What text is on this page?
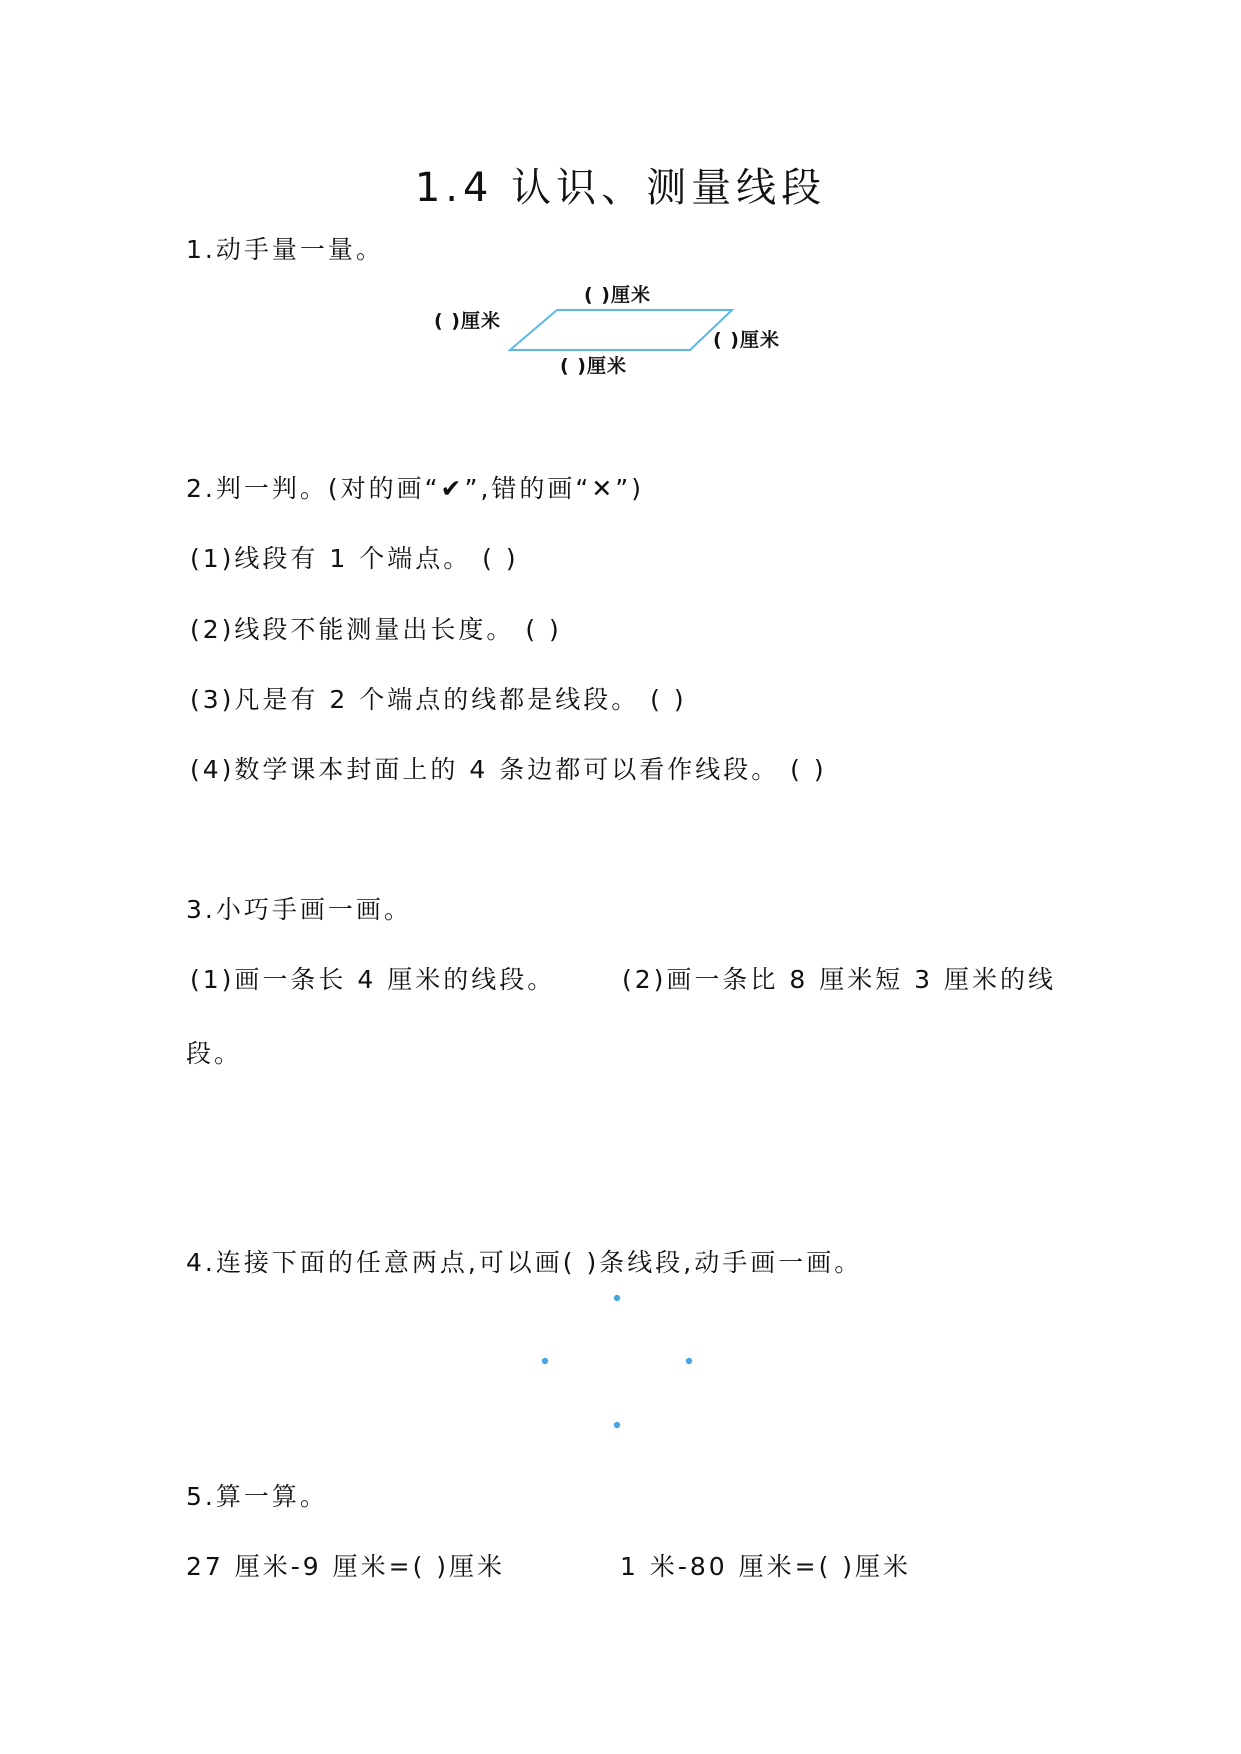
1.4 认识、测量线段
1.动手量一量。
( )厘米
( )厘米
( )厘米
( )厘米
2.判一判。(对的画“✔”,错的画“✕”)
(1)线段有 1 个端点。 ( )
(2)线段不能测量出长度。 ( )
(3)凡是有 2 个端点的线都是线段。 ( )
(4)数学课本封面上的 4 条边都可以看作线段。 ( )
3.小巧手画一画。
(1)画一条长 4 厘米的线段。	(2)画一条比 8 厘米短 3 厘米的线
段。
4.连接下面的任意两点,可以画( )条线段,动手画一画。
5.算一算。
27 厘米-9 厘米=( )厘米	1 米-80 厘米=( )厘米
